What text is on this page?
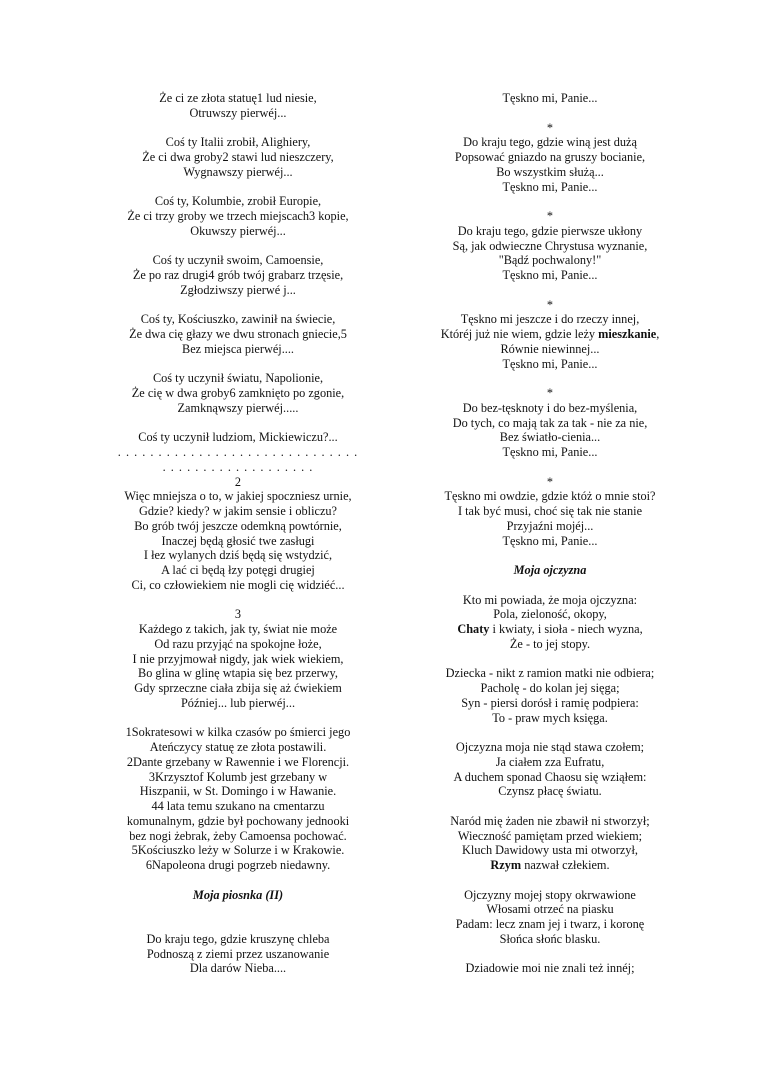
Że ci ze złota statuę1 lud niesie,
Otruwszy pierwéj...
Coś ty Italii zrobił, Alighiery,
Że ci dwa groby2 stawi lud nieszczery,
Wygnawszy pierwéj...
Coś ty, Kolumbie, zrobił Europie,
Że ci trzy groby we trzech miejscach3 kopie,
Okuwszy pierwéj...
Coś ty uczynił swoim, Camoensie,
Że po raz drugi4 grób twój grabarz trzęsie,
Zgłodziwszy pierwé j...
Coś ty, Kościuszko, zawinił na świecie,
Że dwa cię głazy we dwu stronach gniecie,5
Bez miejsca pierwéj....
Coś ty uczynił światu, Napolionie,
Że cię w dwa groby6 zamknięto po zgonie,
Zamknąwszy pierwéj.....
Coś ty uczynił ludziom, Mickiewiczu?...
. . . . . . . . . . . . . . . . . . . . . . . . . . . . . .
. . . . . . . . . . . . . . . . . . .
2
Więc mniejsza o to, w jakiej spoczniesz urnie,
Gdzie? kiedy? w jakim sensie i obliczu?
Bo grób twój jeszcze odemkną powtórnie,
Inaczej będą głosić twe zasługi
I łez wylanych dziś będą się wstydzić,
A lać ci będą łzy potęgi drugiej
Ci, co człowiekiem nie mogli cię widziéć...
3
Każdego z takich, jak ty, świat nie może
Od razu przyjąć na spokojne łoże,
I nie przyjmował nigdy, jak wiek wiekiem,
Bo glina w glinę wtapia się bez przerwy,
Gdy sprzeczne ciała zbija się aż ćwiekiem
Później... lub pierwéj...
1Sokratesowi w kilka czasów po śmierci jego
Ateńczycy statuę ze złota postawili.
2Dante grzebany w Rawennie i we Florencji.
3Krzysztof Kolumb jest grzebany w
Hiszpanii, w St. Domingo i w Hawanie.
44 lata temu szukano na cmentarzu
komunalnym, gdzie był pochowany jednooki
bez nogi żebrak, żeby Camoensa pochować.
5Kościuszko leży w Solurze i w Krakowie.
6Napoleona drugi pogrzeb niedawny.
Moja piosnka (II)
Do kraju tego, gdzie kruszynę chleba
Podnoszą z ziemi przez uszanowanie
Dla darów Nieba....
Tęskno mi, Panie...
*
Do kraju tego, gdzie winą jest dużą
Popsować gniazdo na gruszy bocianie,
Bo wszystkim służą...
Tęskno mi, Panie...
*
Do kraju tego, gdzie pierwsze ukłony
Są, jak odwieczne Chrystusa wyznanie,
"Bądź pochwalony!"
Tęskno mi, Panie...
*
Tęskno mi jeszcze i do rzeczy innej,
Któréj już nie wiem, gdzie leży mieszkanie,
Równie niewinnej...
Tęskno mi, Panie...
*
Do bez-tęsknoty i do bez-myślenia,
Do tych, co mają tak za tak - nie za nie,
Bez światło-cienia...
Tęskno mi, Panie...
*
Tęskno mi owdzie, gdzie któż o mnie stoi?
I tak być musi, choć się tak nie stanie
Przyjaźni mojéj...
Tęskno mi, Panie...
Moja ojczyzna
Kto mi powiada, że moja ojczyzna:
Pola, zieloność, okopy,
Chaty i kwiaty, i sioła - niech wyzna,
Że - to jej stopy.
Dziecka - nikt z ramion matki nie odbiera;
Pacholę - do kolan jej sięga;
Syn - piersi dorósł i ramię podpiera:
To - praw mych księga.
Ojczyzna moja nie stąd stawa czołem;
Ja ciałem zza Eufratu,
A duchem sponad Chaosu się wziąłem:
Czynsz płacę światu.
Naród mię żaden nie zbawił ni stworzył;
Wieczność pamiętam przed wiekiem;
Kluch Dawidowy usta mi otworzył,
Rzym nazwał człekiem.
Ojczyzny mojej stopy okrwawione
Włosami otrzeć na piasku
Padam: lecz znam jej i twarz, i koronę
Słońca słońc blasku.
Dziadowie moi nie znali też innéj;
